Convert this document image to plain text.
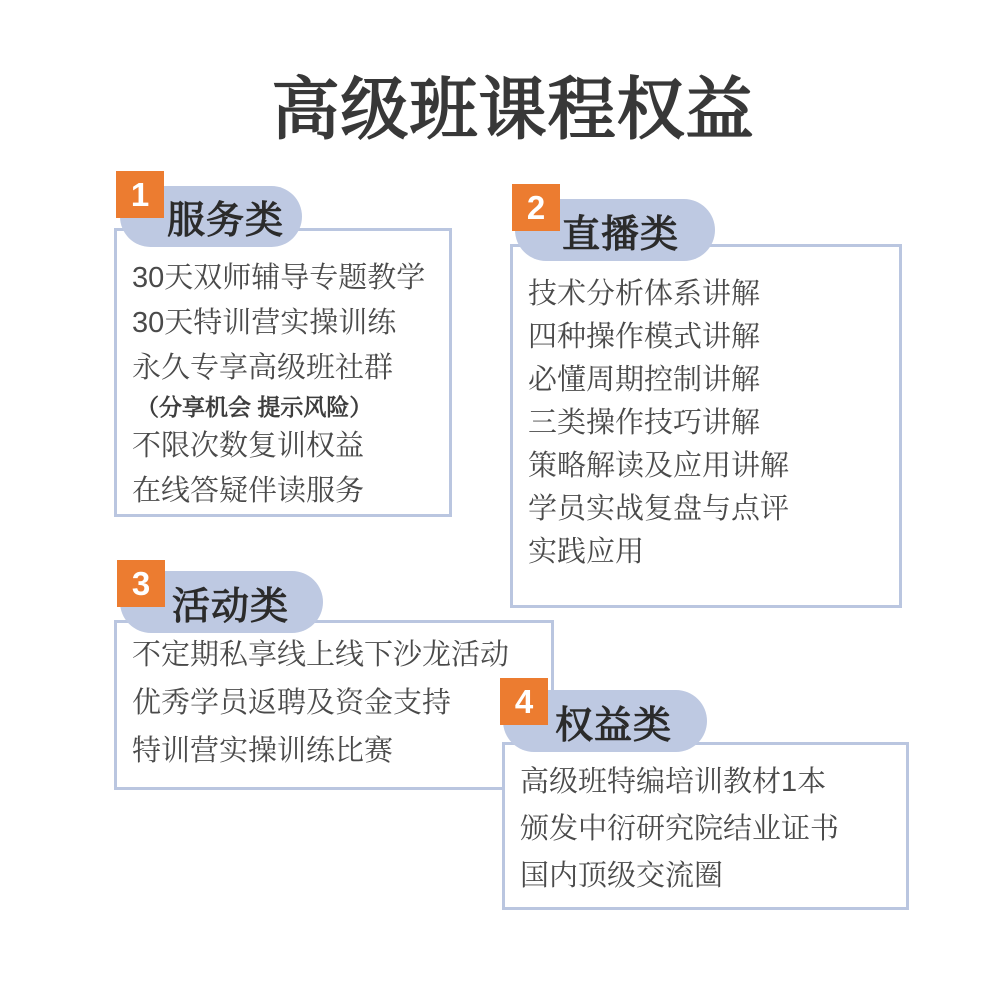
高级班课程权益
30天双师辅导专题教学
30天特训营实操训练
永久专享高级班社群
（分享机会 提示风险）
不限次数复训权益
在线答疑伴读服务
服务类
1
技术分析体系讲解
四种操作模式讲解
必懂周期控制讲解
三类操作技巧讲解
策略解读及应用讲解
学员实战复盘与点评
实践应用
直播类
2
不定期私享线上线下沙龙活动
优秀学员返聘及资金支持
特训营实操训练比赛
活动类
3
高级班特编培训教材1本
颁发中衍研究院结业证书
国内顶级交流圈
权益类
4
